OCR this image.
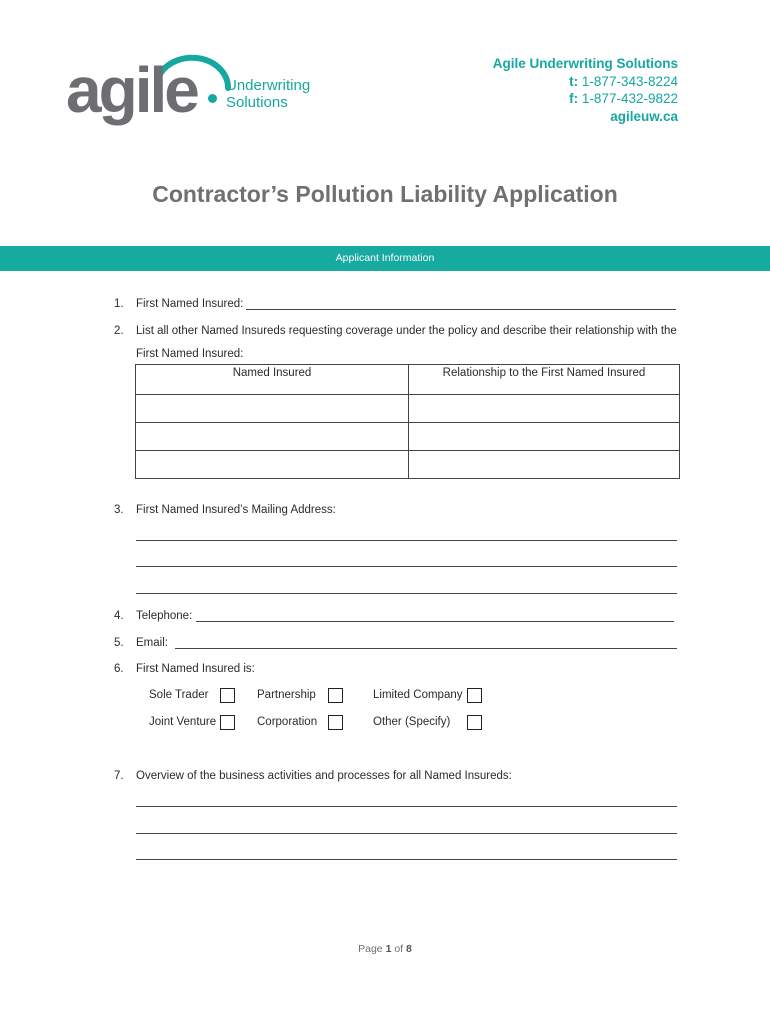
agile Underwriting
Solutions
Agile Underwriting Solutions
t: 1-877-343-8224
f: 1-877-432-9822
agileuw.ca
Contractor’s Pollution Liability Application
Applicant Information
1. First Named Insured:
2. List all other Named Insureds requesting coverage under the policy and describe their relationship with the
First Named Insured:
Named Insured	Relationship to the First Named Insured

3. First Named Insured’s Mailing Address:
4. Telephone:
5. Email:
6. First Named Insured is:
Sole Trader	Partnership	Limited Company
Joint Venture	Corporation	Other (Specify)
7. Overview of the business activities and processes for all Named Insureds:
Page 1 of 8
